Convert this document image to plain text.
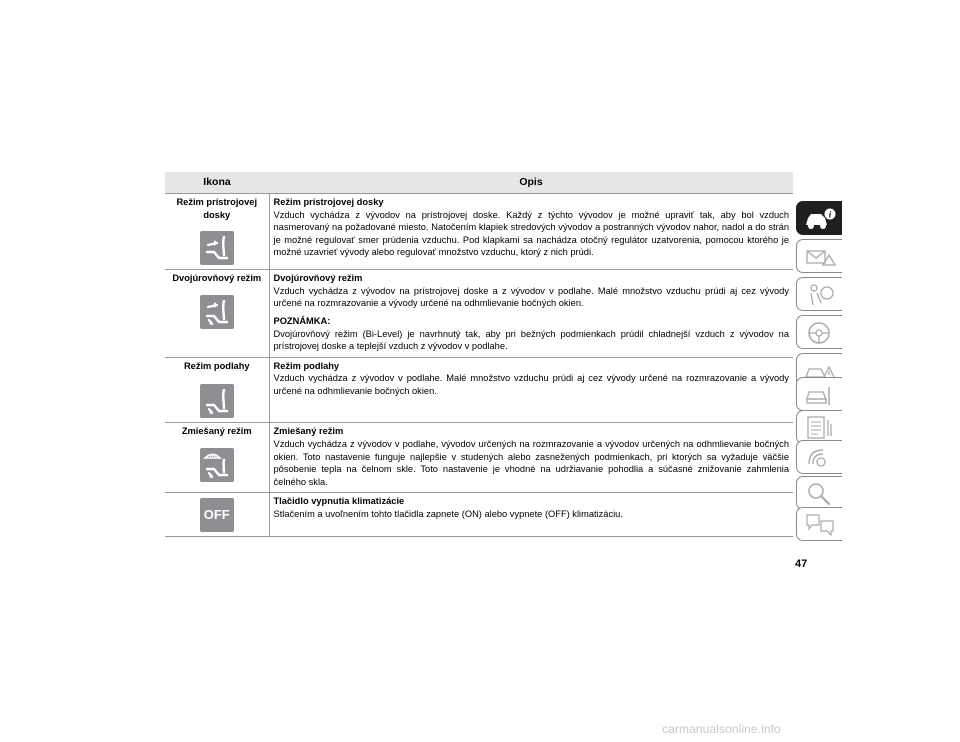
Ikona	Opis

Režim prístrojovej dosky	Režim prístrojovej dosky

Vzduch vychádza z vývodov na prístrojovej doske. Každý z týchto vývodov je možné upraviť tak, aby bol vzduch nasmerovaný na požadované miesto. Natočením klapiek stredových vývodov a postranných vývodov nahor, nadol a do strán je možné regulovať smer prúdenia vzduchu. Pod klapkami sa nachádza otočný regulátor uzatvorenia, pomocou ktorého je možné uzavrieť vývody alebo regulovať množstvo vzduchu, ktorý z nich prúdi.

Dvojúrovňový režim	Dvojúrovňový režim

Vzduch vychádza z vývodov na prístrojovej doske a z vývodov v podlahe. Malé množstvo vzduchu prúdi aj cez vývody určené na rozmrazovanie a vývody určené na odhmlievanie bočných okien.

POZNÁMKA:

Dvojúrovňový režim (Bi-Level) je navrhnutý tak, aby pri bežných podmienkach prúdil chladnejší vzduch z vývodov na prístrojovej doske a teplejší vzduch z vývodov v podlahe.

Režim podlahy	Režim podlahy

Vzduch vychádza z vývodov v podlahe. Malé množstvo vzduchu prúdi aj cez vývody určené na rozmrazovanie a vývody určené na odhmlievanie bočných okien.

Zmiešaný režim	Zmiešaný režim

Vzduch vychádza z vývodov v podlahe, vývodov určených na rozmrazovanie a vývodov určených na odhmlievanie bočných okien. Toto nastavenie funguje najlepšie v studených alebo zasnežených podmienkach, pri ktorých sa vyžaduje väčšie pôsobenie tepla na čelnom skle. Toto nastavenie je vhodné na udržiavanie pohodlia a súčasné znižovanie zahmlenia čelného skla.

OFF	Tlačidlo vypnutia klimatizácie

Stlačením a uvoľnením tohto tlačidla zapnete (ON) alebo vypnete (OFF) klimatizáciu.

i
47
carmanualsonline.info
